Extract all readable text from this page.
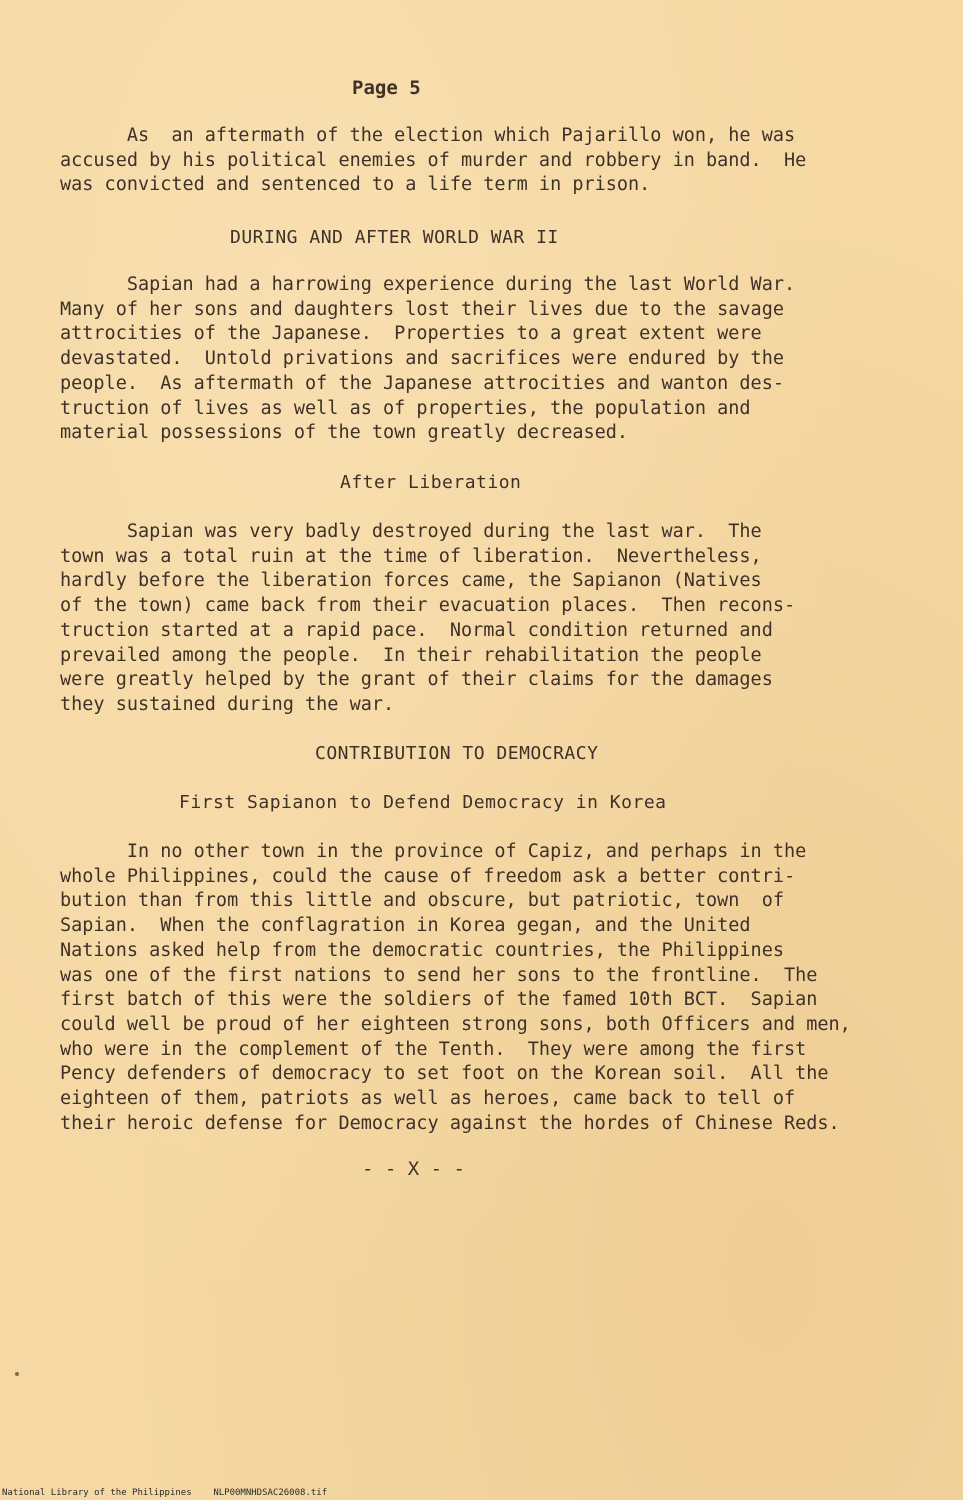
Page 5
As  an aftermath of the election which Pajarillo won, he was
accused by his political enemies of murder and robbery in band.  He
was convicted and sentenced to a life term in prison.
DURING AND AFTER WORLD WAR II
Sapian had a harrowing experience during the last World War.
Many of her sons and daughters lost their lives due to the savage
attrocities of the Japanese.  Properties to a great extent were
devastated.  Untold privations and sacrifices were endured by the
people.  As aftermath of the Japanese attrocities and wanton des-
truction of lives as well as of properties, the population and
material possessions of the town greatly decreased.
After Liberation
Sapian was very badly destroyed during the last war.  The
town was a total ruin at the time of liberation.  Nevertheless,
hardly before the liberation forces came, the Sapianon (Natives
of the town) came back from their evacuation places.  Then recons-
truction started at a rapid pace.  Normal condition returned and
prevailed among the people.  In their rehabilitation the people
were greatly helped by the grant of their claims for the damages
they sustained during the war.
CONTRIBUTION TO DEMOCRACY
First Sapianon to Defend Democracy in Korea
In no other town in the province of Capiz, and perhaps in the
whole Philippines, could the cause of freedom ask a better contri-
bution than from this little and obscure, but patriotic, town  of
Sapian.  When the conflagration in Korea gegan, and the United
Nations asked help from the democratic countries, the Philippines
was one of the first nations to send her sons to the frontline.  The
first batch of this were the soldiers of the famed 10th BCT.  Sapian
could well be proud of her eighteen strong sons, both Officers and men,
who were in the complement of the Tenth.  They were among the first
Pency defenders of democracy to set foot on the Korean soil.  All the
eighteen of them, patriots as well as heroes, came back to tell of
their heroic defense for Democracy against the hordes of Chinese Reds.
- - X - -
National Library of the Philippines    NLP00MNHDSAC26008.tif
